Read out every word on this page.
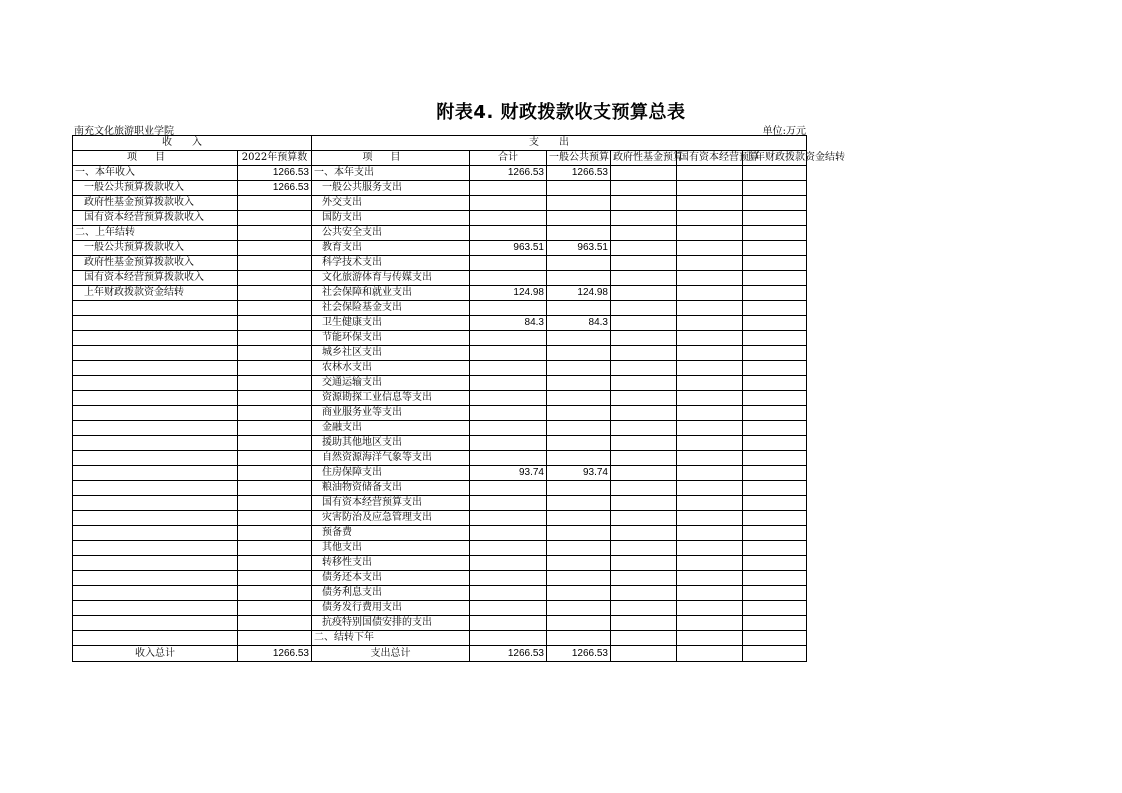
附表4. 财政拨款收支预算总表
南充文化旅游职业学院	单位:万元
收入		支出					
项目	2022年预算数	项目	合计	一般公共预算	政府性基金预算	国有资本经营预算	上年财政拨款资金结转
一、本年收入	1266.53	一、本年支出	1266.53	1266.53			
一般公共预算拨款收入	1266.53	一般公共服务支出					
政府性基金预算拨款收入		外交支出					
国有资本经营预算拨款收入		国防支出					
二、上年结转		公共安全支出					
一般公共预算拨款收入		教育支出	963.51	963.51			
政府性基金预算拨款收入		科学技术支出					
国有资本经营预算拨款收入		文化旅游体育与传媒支出					
上年财政拨款资金结转		社会保障和就业支出	124.98	124.98			
		社会保险基金支出					
		卫生健康支出	84.3	84.3			
		节能环保支出					
		城乡社区支出					
		农林水支出					
		交通运输支出					
		资源勘探工业信息等支出					
		商业服务业等支出					
		金融支出					
		援助其他地区支出					
		自然资源海洋气象等支出					
		住房保障支出	93.74	93.74			
		粮油物资储备支出					
		国有资本经营预算支出					
		灾害防治及应急管理支出					
		预备费					
		其他支出					
		转移性支出					
		债务还本支出					
		债务利息支出					
		债务发行费用支出					
		抗疫特别国债安排的支出					
		二、结转下年					
收入总计	1266.53	支出总计	1266.53	1266.53			
